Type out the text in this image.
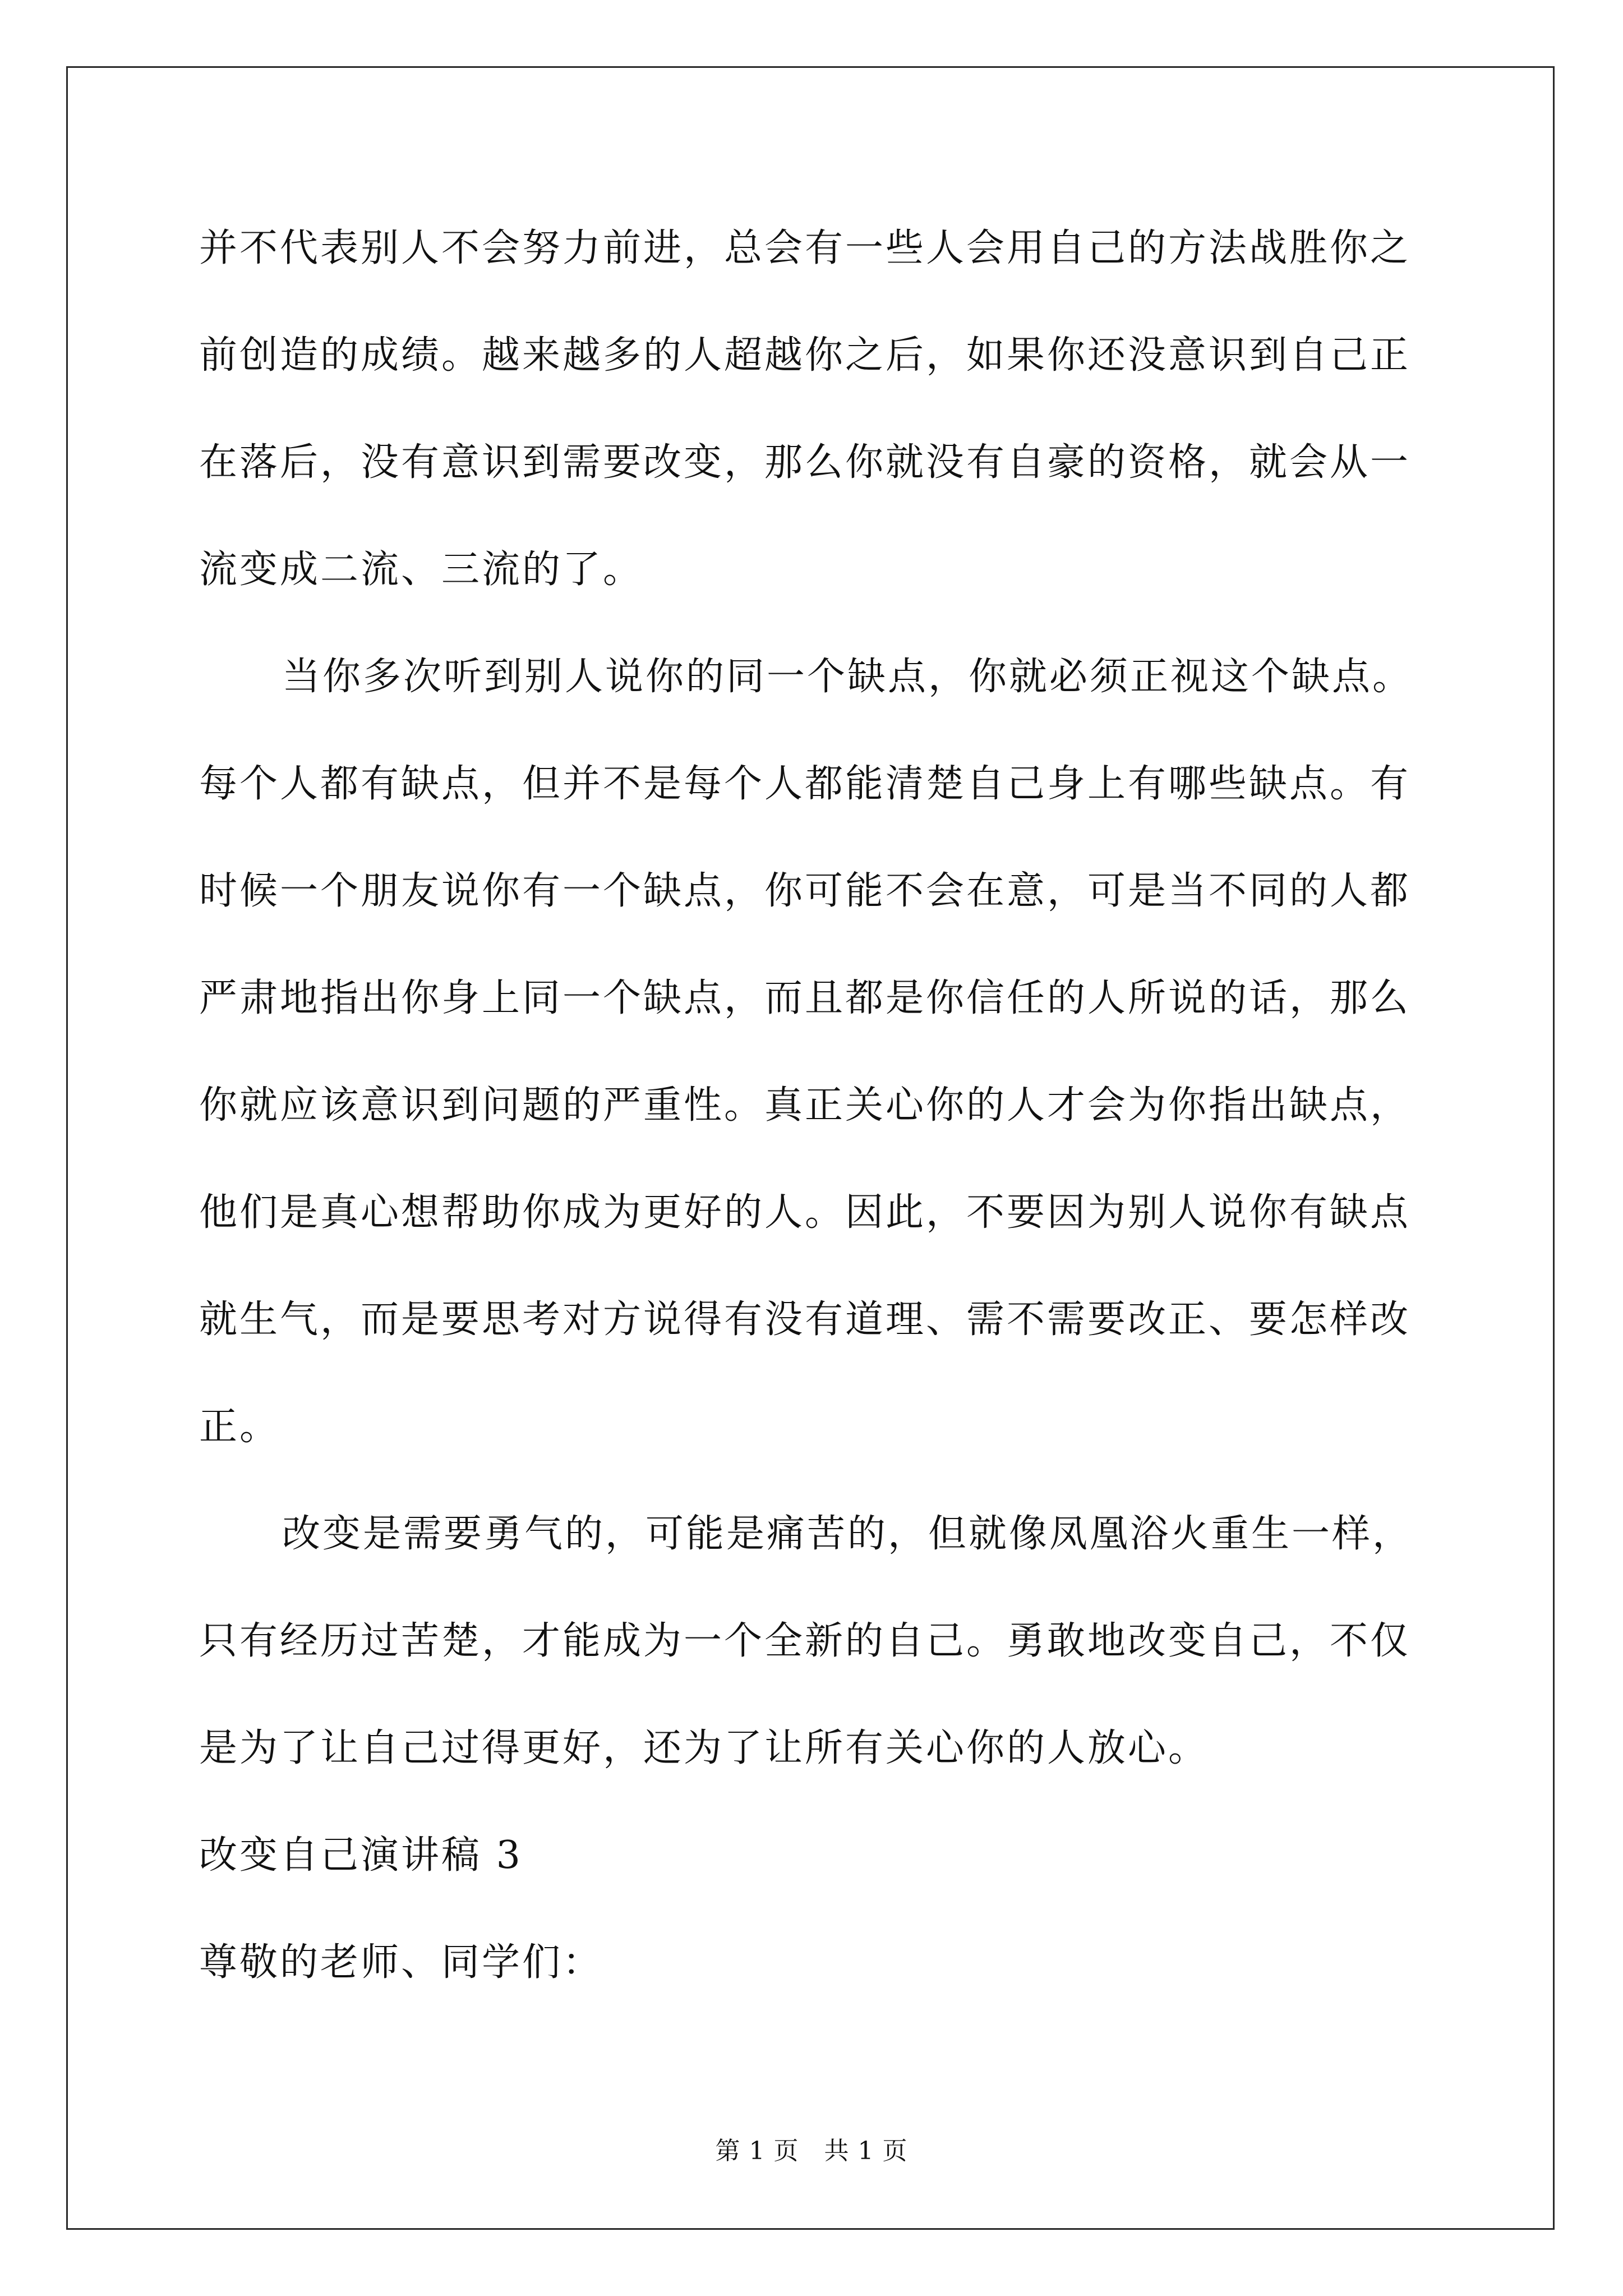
并不代表别人不会努力前进，总会有一些人会用自己的方法战胜你之
前创造的成绩。越来越多的人超越你之后，如果你还没意识到自己正
在落后，没有意识到需要改变，那么你就没有自豪的资格，就会从一
流变成二流、三流的了。
当你多次听到别人说你的同一个缺点，你就必须正视这个缺点。
每个人都有缺点，但并不是每个人都能清楚自己身上有哪些缺点。有
时候一个朋友说你有一个缺点，你可能不会在意，可是当不同的人都
严肃地指出你身上同一个缺点，而且都是你信任的人所说的话，那么
你就应该意识到问题的严重性。真正关心你的人才会为你指出缺点，
他们是真心想帮助你成为更好的人。因此，不要因为别人说你有缺点
就生气，而是要思考对方说得有没有道理、需不需要改正、要怎样改
正。
改变是需要勇气的，可能是痛苦的，但就像凤凰浴火重生一样，
只有经历过苦楚，才能成为一个全新的自己。勇敢地改变自己，不仅
是为了让自己过得更好，还为了让所有关心你的人放心。
改变自己演讲稿 3
尊敬的老师、同学们：
第 1 页   共 1 页
